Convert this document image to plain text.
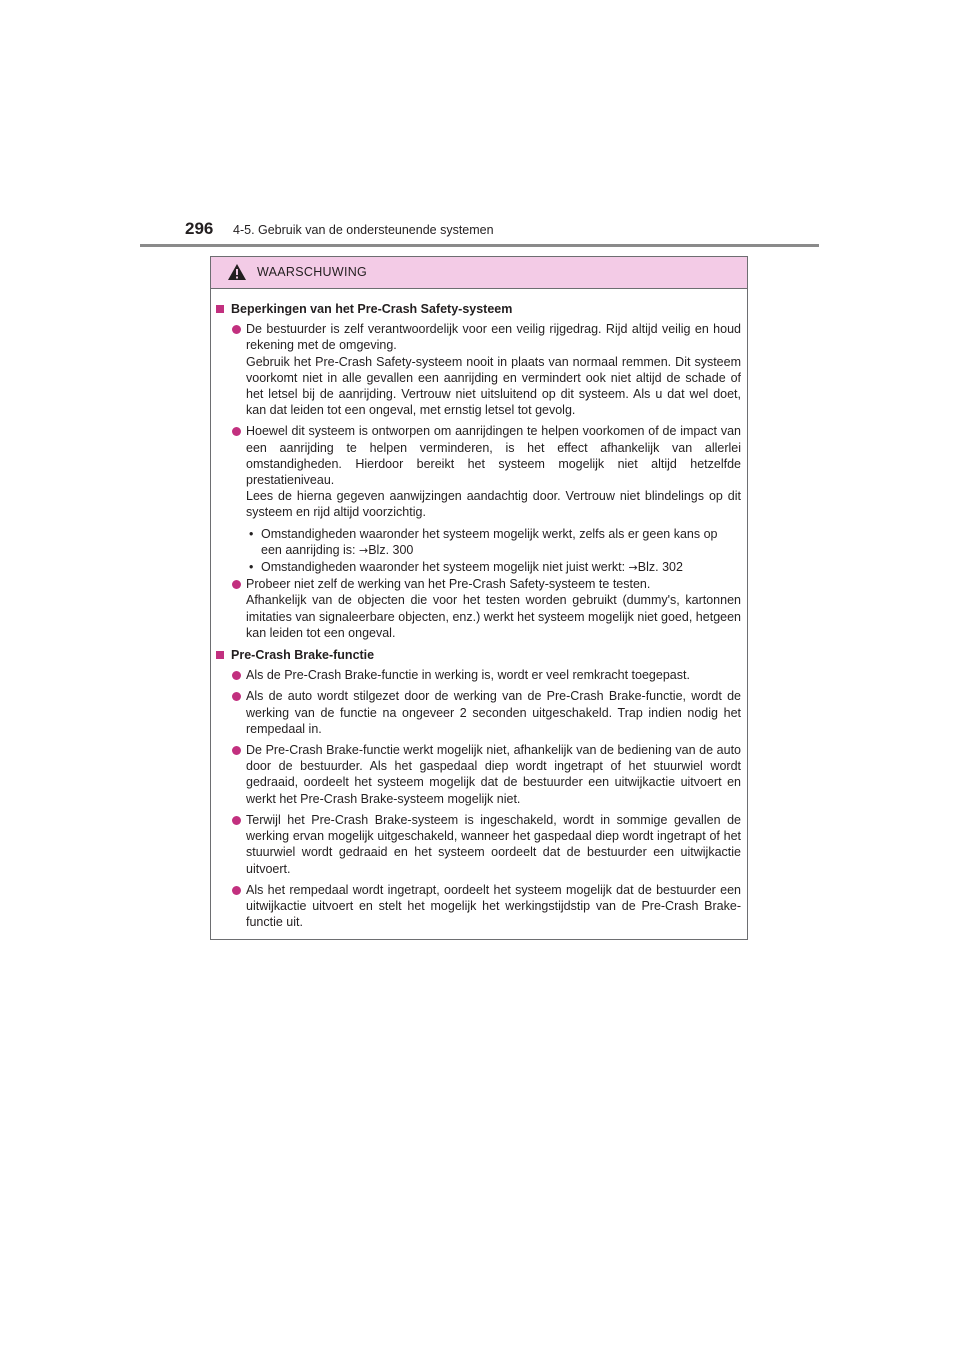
296 4-5. Gebruik van de ondersteunende systemen
WAARSCHUWING
Beperkingen van het Pre-Crash Safety-systeem
De bestuurder is zelf verantwoordelijk voor een veilig rijgedrag. Rijd altijd veilig en houd rekening met de omgeving.
Gebruik het Pre-Crash Safety-systeem nooit in plaats van normaal remmen. Dit systeem voorkomt niet in alle gevallen een aanrijding en vermindert ook niet altijd de schade of het letsel bij de aanrijding. Vertrouw niet uitsluitend op dit systeem. Als u dat wel doet, kan dat leiden tot een ongeval, met ernstig letsel tot gevolg.
Hoewel dit systeem is ontworpen om aanrijdingen te helpen voorkomen of de impact van een aanrijding te helpen verminderen, is het effect afhankelijk van allerlei omstandigheden. Hierdoor bereikt het systeem mogelijk niet altijd hetzelfde prestatieniveau.
Lees de hierna gegeven aanwijzingen aandachtig door. Vertrouw niet blindelings op dit systeem en rijd altijd voorzichtig.
• Omstandigheden waaronder het systeem mogelijk werkt, zelfs als er geen kans op een aanrijding is: →Blz. 300
• Omstandigheden waaronder het systeem mogelijk niet juist werkt: →Blz. 302
Probeer niet zelf de werking van het Pre-Crash Safety-systeem te testen.
Afhankelijk van de objecten die voor het testen worden gebruikt (dummy's, kartonnen imitaties van signaleerbare objecten, enz.) werkt het systeem mogelijk niet goed, hetgeen kan leiden tot een ongeval.
Pre-Crash Brake-functie
Als de Pre-Crash Brake-functie in werking is, wordt er veel remkracht toegepast.
Als de auto wordt stilgezet door de werking van de Pre-Crash Brake-functie, wordt de werking van de functie na ongeveer 2 seconden uitgeschakeld. Trap indien nodig het rempedaal in.
De Pre-Crash Brake-functie werkt mogelijk niet, afhankelijk van de bediening van de auto door de bestuurder. Als het gaspedaal diep wordt ingetrapt of het stuurwiel wordt gedraaid, oordeelt het systeem mogelijk dat de bestuurder een uitwijkactie uitvoert en werkt het Pre-Crash Brake-systeem mogelijk niet.
Terwijl het Pre-Crash Brake-systeem is ingeschakeld, wordt in sommige gevallen de werking ervan mogelijk uitgeschakeld, wanneer het gaspedaal diep wordt ingetrapt of het stuurwiel wordt gedraaid en het systeem oordeelt dat de bestuurder een uitwijkactie uitvoert.
Als het rempedaal wordt ingetrapt, oordeelt het systeem mogelijk dat de bestuurder een uitwijkactie uitvoert en stelt het mogelijk het werkingstijdstip van de Pre-Crash Brake-functie uit.
